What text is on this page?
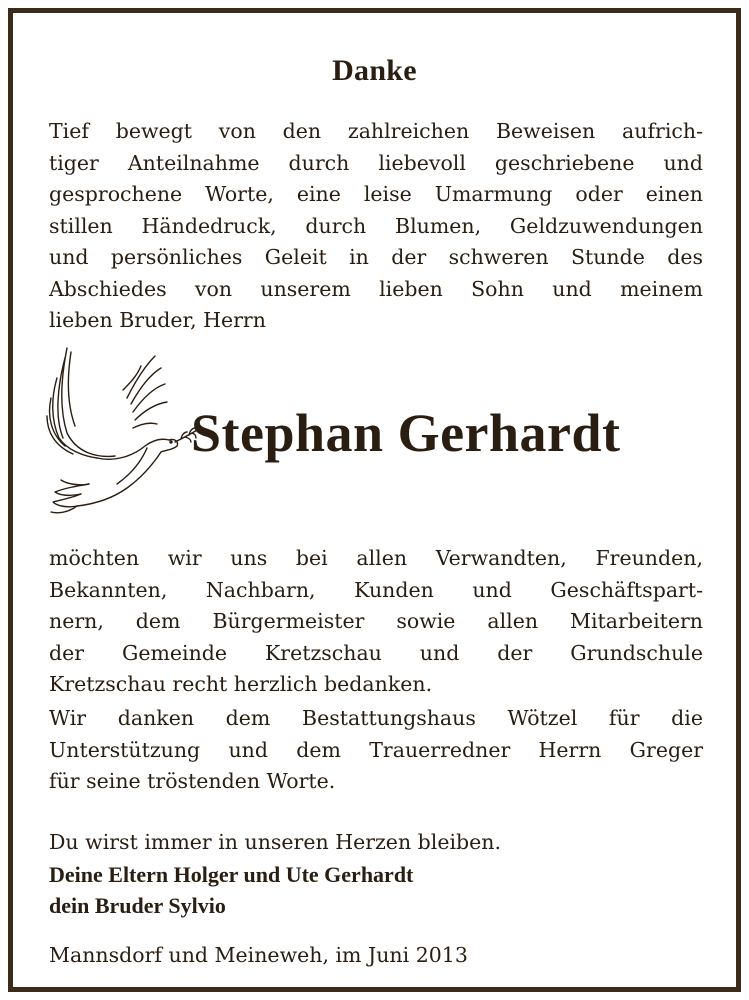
Danke

Tief bewegt von den zahlreichen Beweisen aufrich-
tiger Anteilnahme durch liebevoll geschriebene und
gesprochene Worte, eine leise Umarmung oder einen
stillen Händedruck, durch Blumen, Geldzuwendungen
und persönliches Geleit in der schweren Stunde des
Abschiedes von unserem lieben Sohn und meinem
lieben Bruder, Herrn

Stephan Gerhardt

möchten wir uns bei allen Verwandten, Freunden,
Bekannten, Nachbarn, Kunden und Geschäftspart-
nern, dem Bürgermeister sowie allen Mitarbeitern
der Gemeinde Kretzschau und der Grundschule
Kretzschau recht herzlich bedanken.

Wir danken dem Bestattungshaus Wötzel für die
Unterstützung und dem Trauerredner Herrn Greger
für seine tröstenden Worte.

Du wirst immer in unseren Herzen bleiben.
Deine Eltern Holger und Ute Gerhardt
dein Bruder Sylvio
Mannsdorf und Meineweh, im Juni 2013
